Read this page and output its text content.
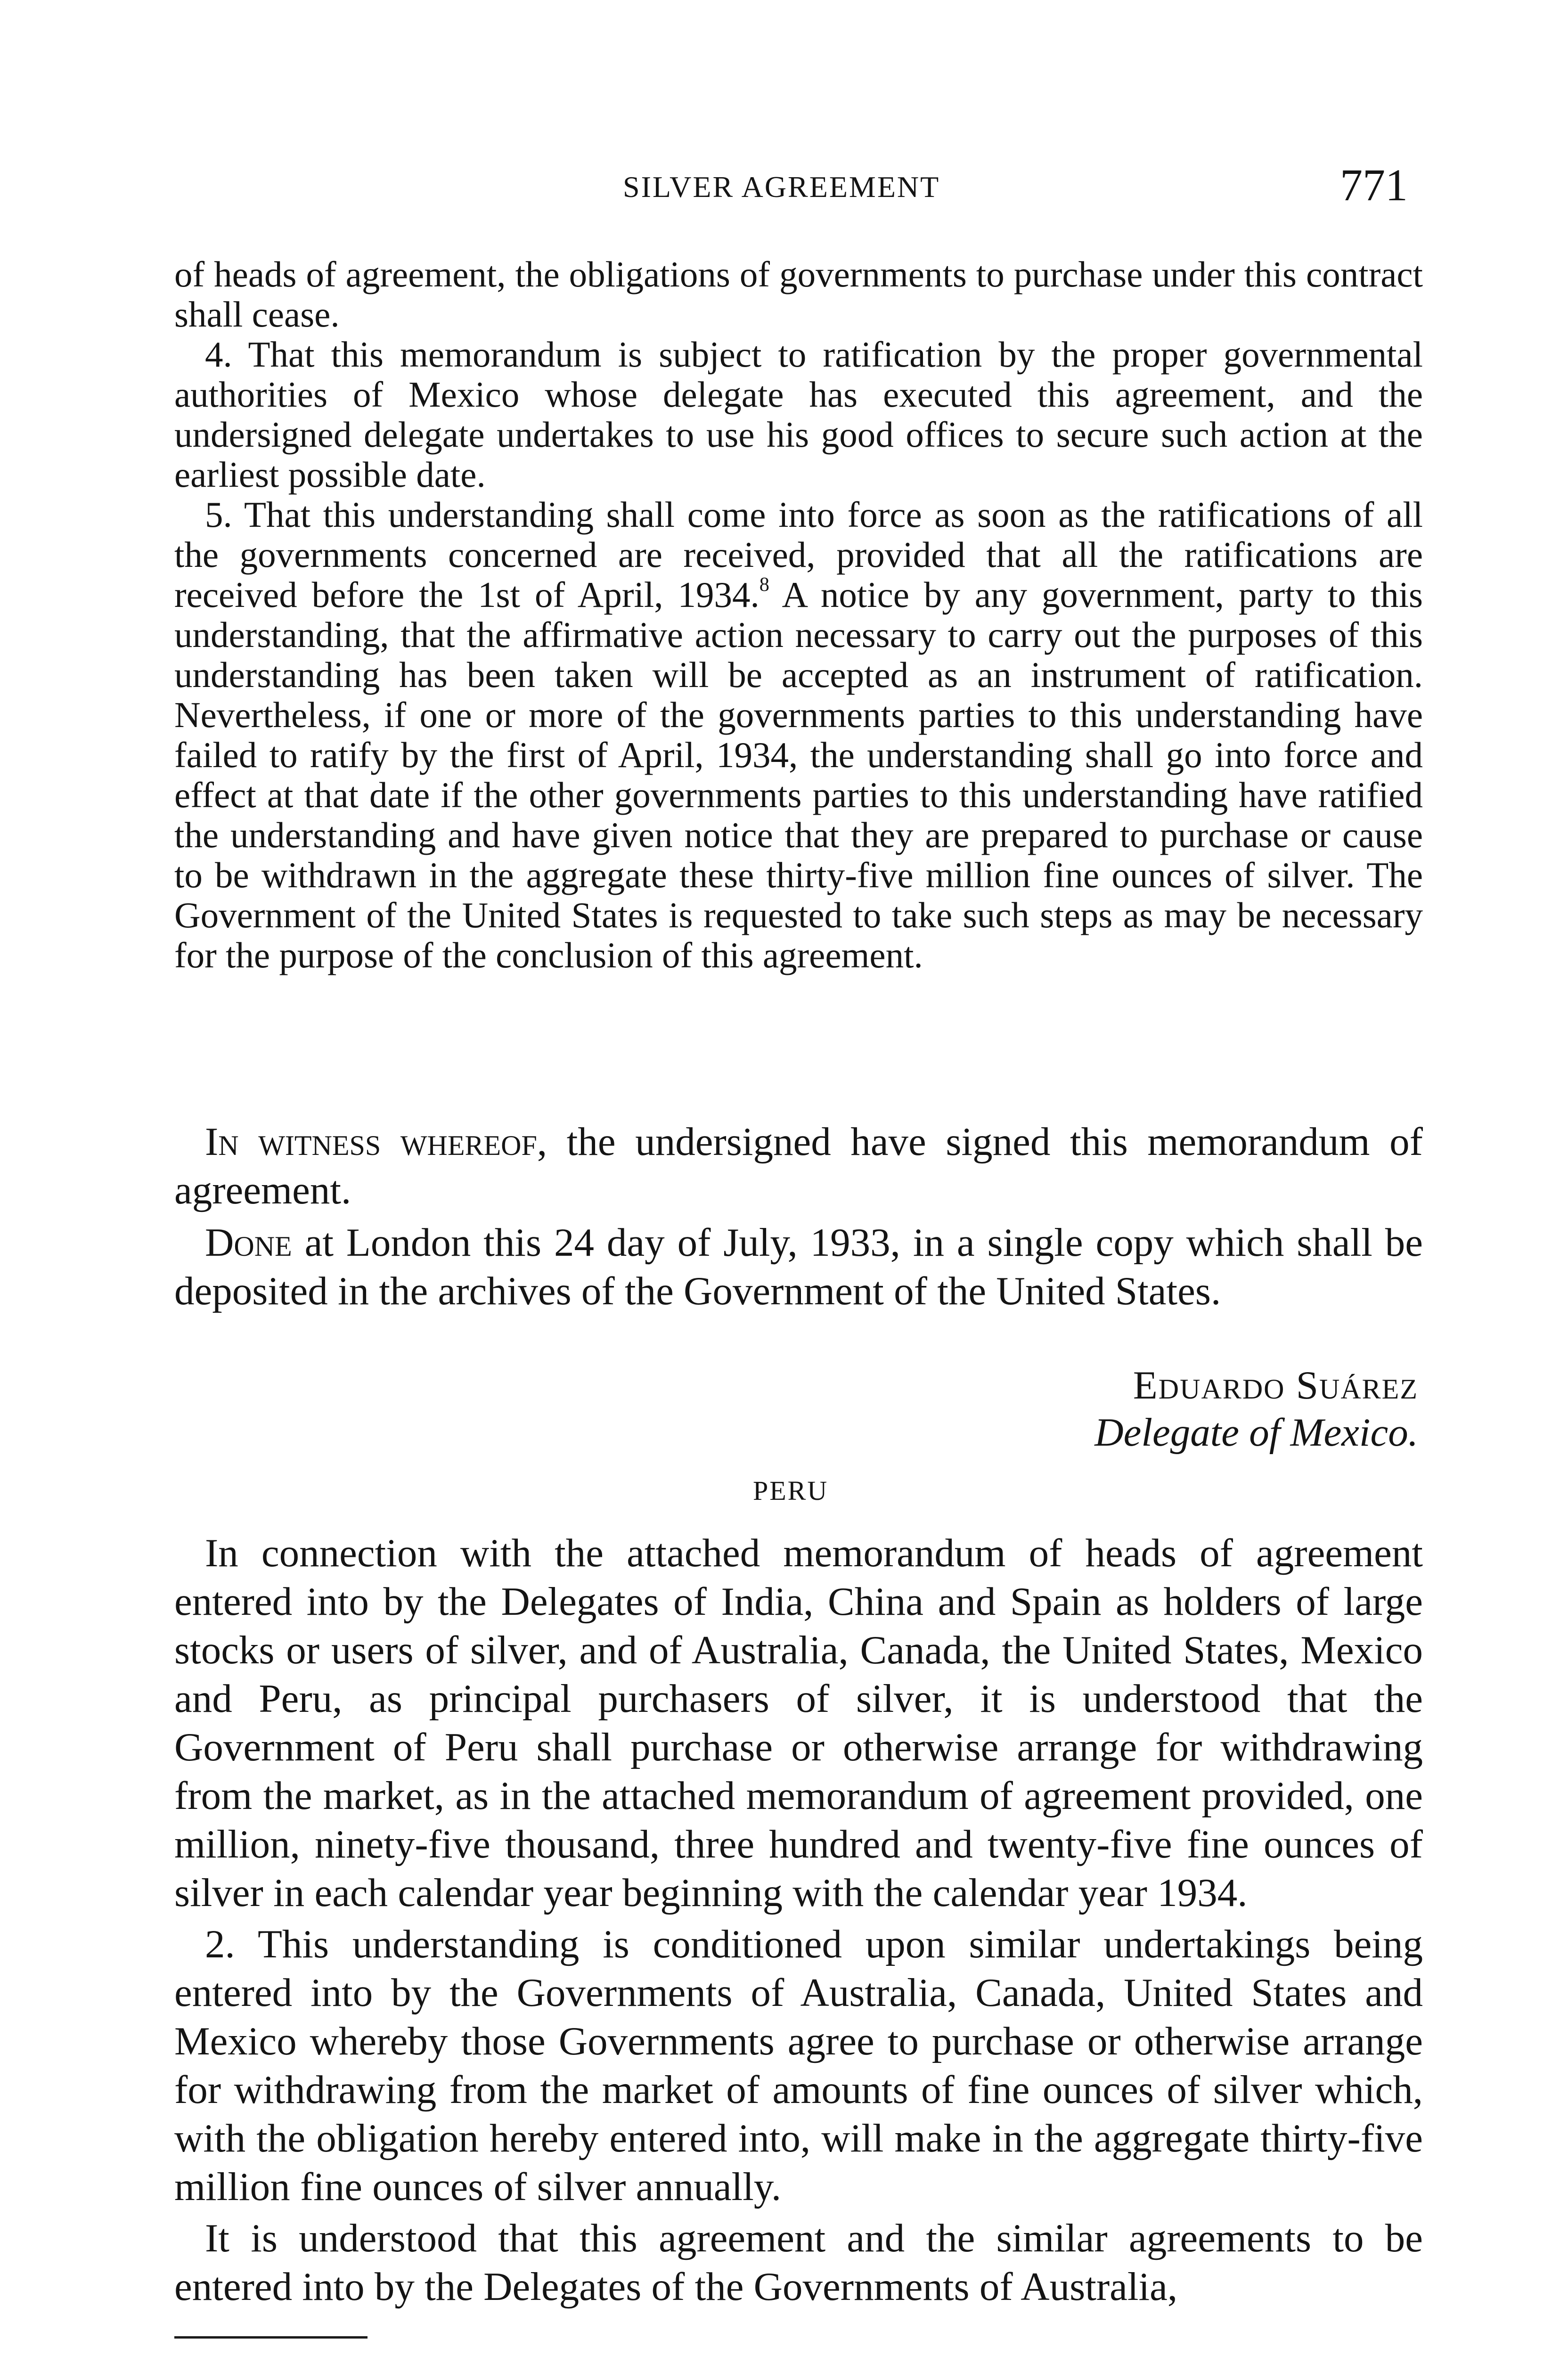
SILVER AGREEMENT	771

of heads of agreement, the obligations of governments to purchase under this contract shall cease.

4. That this memorandum is subject to ratification by the proper governmental authorities of Mexico whose delegate has executed this agreement, and the undersigned delegate undertakes to use his good offices to secure such action at the earliest possible date.

5. That this understanding shall come into force as soon as the ratifications of all the governments concerned are received, provided that all the ratifications are received before the 1st of April, 1934.$^8$ A notice by any government, party to this understanding, that the affirmative action necessary to carry out the purposes of this understanding has been taken will be accepted as an instrument of ratification. Nevertheless, if one or more of the governments parties to this understanding have failed to ratify by the first of April, 1934, the understanding shall go into force and effect at that date if the other governments parties to this understanding have ratified the understanding and have given notice that they are prepared to purchase or cause to be withdrawn in the aggregate these thirty-five million fine ounces of silver. The Government of the United States is requested to take such steps as may be necessary for the purpose of the conclusion of this agreement.

In witness whereof, the undersigned have signed this memorandum of agreement.

Done at London this 24 day of July, 1933, in a single copy which shall be deposited in the archives of the Government of the United States.

Eduardo Suárez
Delegate of Mexico.
PERU

In connection with the attached memorandum of heads of agreement entered into by the Delegates of India, China and Spain as holders of large stocks or users of silver, and of Australia, Canada, the United States, Mexico and Peru, as principal purchasers of silver, it is understood that the Government of Peru shall purchase or otherwise arrange for withdrawing from the market, as in the attached memorandum of agreement provided, one million, ninety-five thousand, three hundred and twenty-five fine ounces of silver in each calendar year beginning with the calendar year 1934.

2. This understanding is conditioned upon similar undertakings being entered into by the Governments of Australia, Canada, United States and Mexico whereby those Governments agree to purchase or otherwise arrange for withdrawing from the market of amounts of fine ounces of silver which, with the obligation hereby entered into, will make in the aggregate thirty-five million fine ounces of silver annually.

It is understood that this agreement and the similar agreements to be entered into by the Delegates of the Governments of Australia,
